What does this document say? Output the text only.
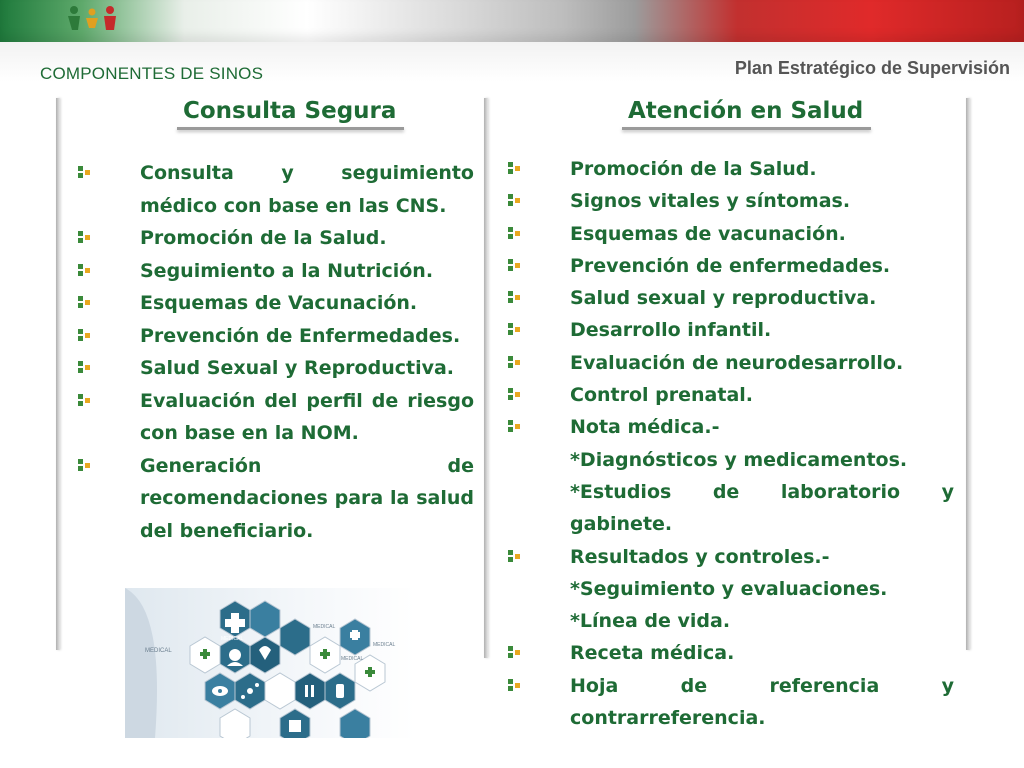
COMPONENTES DE SINOS	Plan Estratégico de Supervisión
Consulta Segura	Atención en Salud
Consulta y seguimiento médico con base en las CNS.
Promoción de la Salud.
Seguimiento a la Nutrición.
Esquemas de Vacunación.
Prevención de Enfermedades.
Salud Sexual y Reproductiva.
Evaluación del perfil de riesgo con base en la NOM.
Generación de recomendaciones para la salud del beneficiario.
Promoción de la Salud.
Signos vitales y síntomas.
Esquemas de vacunación.
Prevención de enfermedades.
Salud sexual y reproductiva.
Desarrollo infantil.
Evaluación de neurodesarrollo.
Control prenatal.
Nota médica.-
*Diagnósticos y medicamentos.
*Estudios de laboratorio y gabinete.
Resultados y controles.-
*Seguimiento y evaluaciones.
*Línea de vida.
Receta médica.
Hoja de referencia y contrarreferencia.
MEDICAL
MEDICAL
MEDICAL
MEDICAL
MEDICAL
